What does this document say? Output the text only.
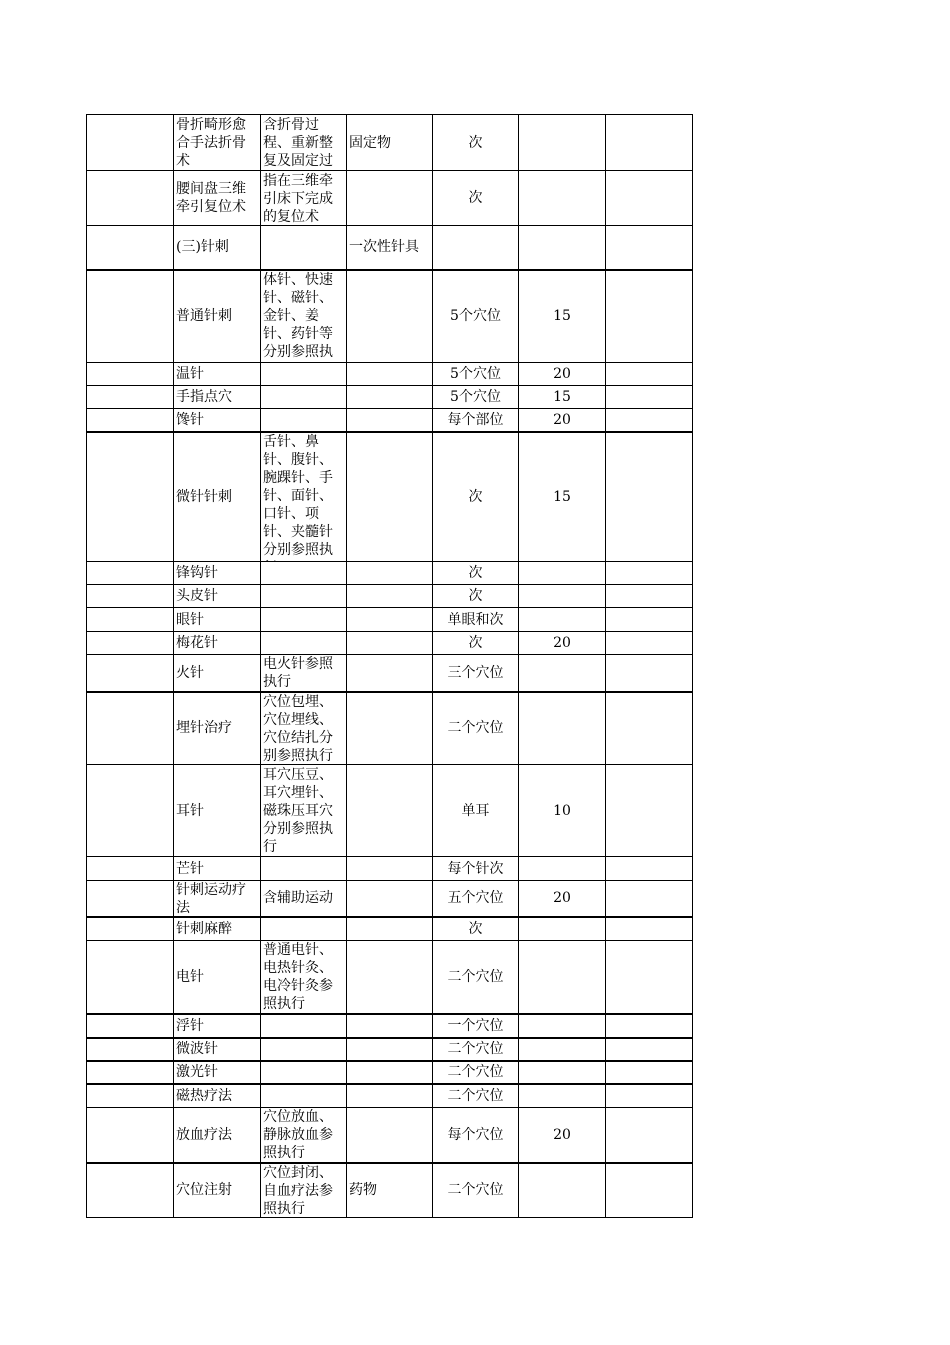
	骨折畸形愈合手法折骨术	含折骨过程、重新整复及固定过	固定物	次		

	腰间盘三维牵引复位术	指在三维牵引床下完成的复位术		次		

	(三)针刺		一次性针具			

	普通针刺	体针、快速针、磁针、金针、姜针、药针等分别参照执		5个穴位	15	

	温针			5个穴位	20	

	手指点穴			5个穴位	15	

	馋针			每个部位	20	

	微针针刺	舌针、鼻针、腹针、腕踝针、手针、面针、口针、项针、夹髓针分别参照执		次	15	

	锋钩针			次		

	头皮针			次		

	眼针			单眼和次		

	梅花针			次	20	

	火针	电火针参照执行		三个穴位		

	埋针治疗	穴位包埋、穴位埋线、穴位结扎分别参照执行		二个穴位		

	耳针	耳穴压豆、耳穴埋针、磁珠压耳穴分别参照执行		单耳	10	

	芒针			每个针次		

	针刺运动疗法	含辅助运动		五个穴位	20	

	针刺麻醉			次		

	电针	普通电针、电热针灸、电冷针灸参照执行		二个穴位		

	浮针			一个穴位		

	微波针			二个穴位		

	激光针			二个穴位		

	磁热疗法			二个穴位		

	放血疗法	穴位放血、静脉放血参照执行		每个穴位	20	

	穴位注射	穴位封闭、自血疗法参照执行	药物	二个穴位		
